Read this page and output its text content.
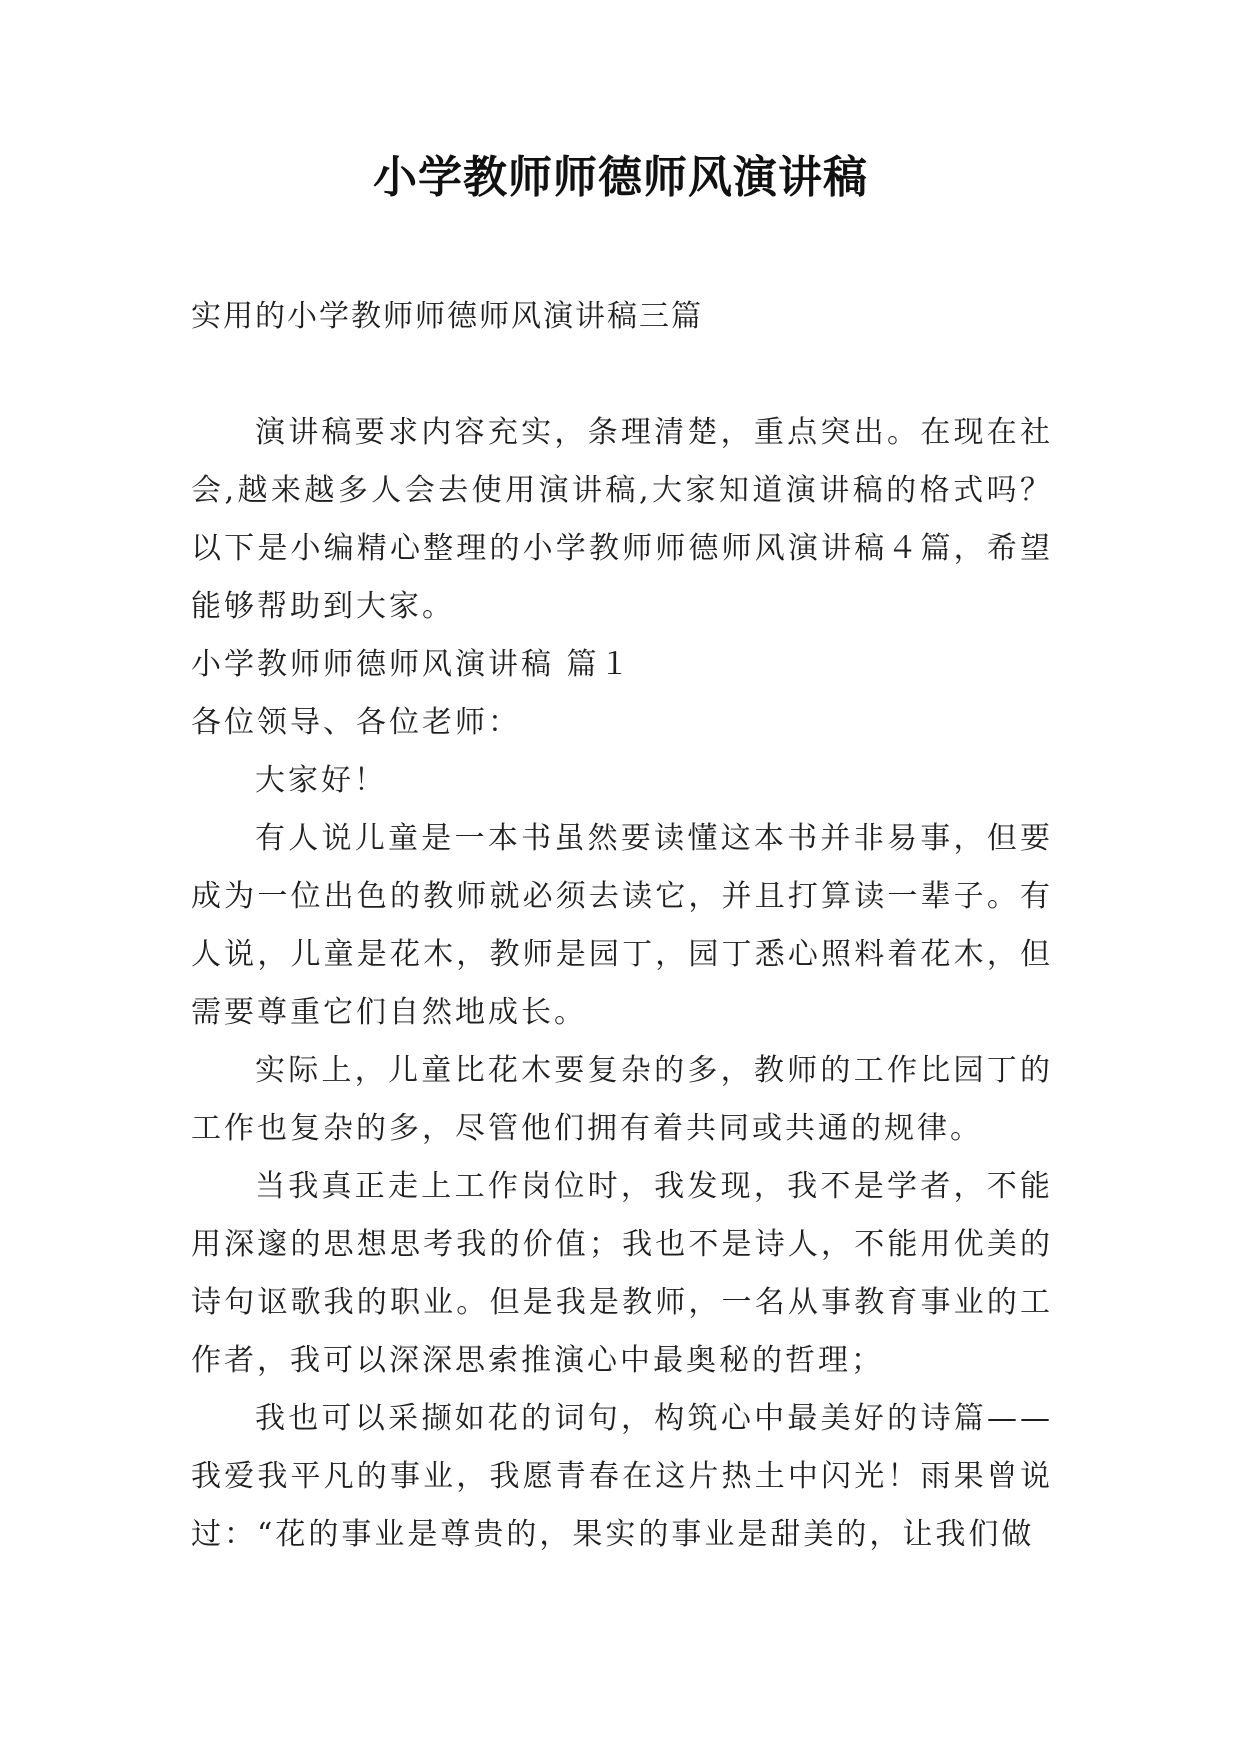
小学教师师德师风演讲稿
实用的小学教师师德师风演讲稿三篇

演讲稿要求内容充实，条理清楚，重点突出。在现在社会,越来越多人会去使用演讲稿,大家知道演讲稿的格式吗？以下是小编精心整理的小学教师师德师风演讲稿４篇，希望能够帮助到大家。

小学教师师德师风演讲稿 篇１

各位领导、各位老师：

大家好！

有人说儿童是一本书虽然要读懂这本书并非易事，但要成为一位出色的教师就必须去读它，并且打算读一辈子。有人说，儿童是花木，教师是园丁，园丁悉心照料着花木，但需要尊重它们自然地成长。

实际上，儿童比花木要复杂的多，教师的工作比园丁的工作也复杂的多，尽管他们拥有着共同或共通的规律。

当我真正走上工作岗位时，我发现，我不是学者，不能用深邃的思想思考我的价值；我也不是诗人，不能用优美的诗句讴歌我的职业。但是我是教师，一名从事教育事业的工作者，我可以深深思索推演心中最奥秘的哲理；

我也可以采撷如花的词句，构筑心中最美好的诗篇——我爱我平凡的事业，我愿青春在这片热土中闪光！雨果曾说过：“花的事业是尊贵的，果实的事业是甜美的，让我们做
